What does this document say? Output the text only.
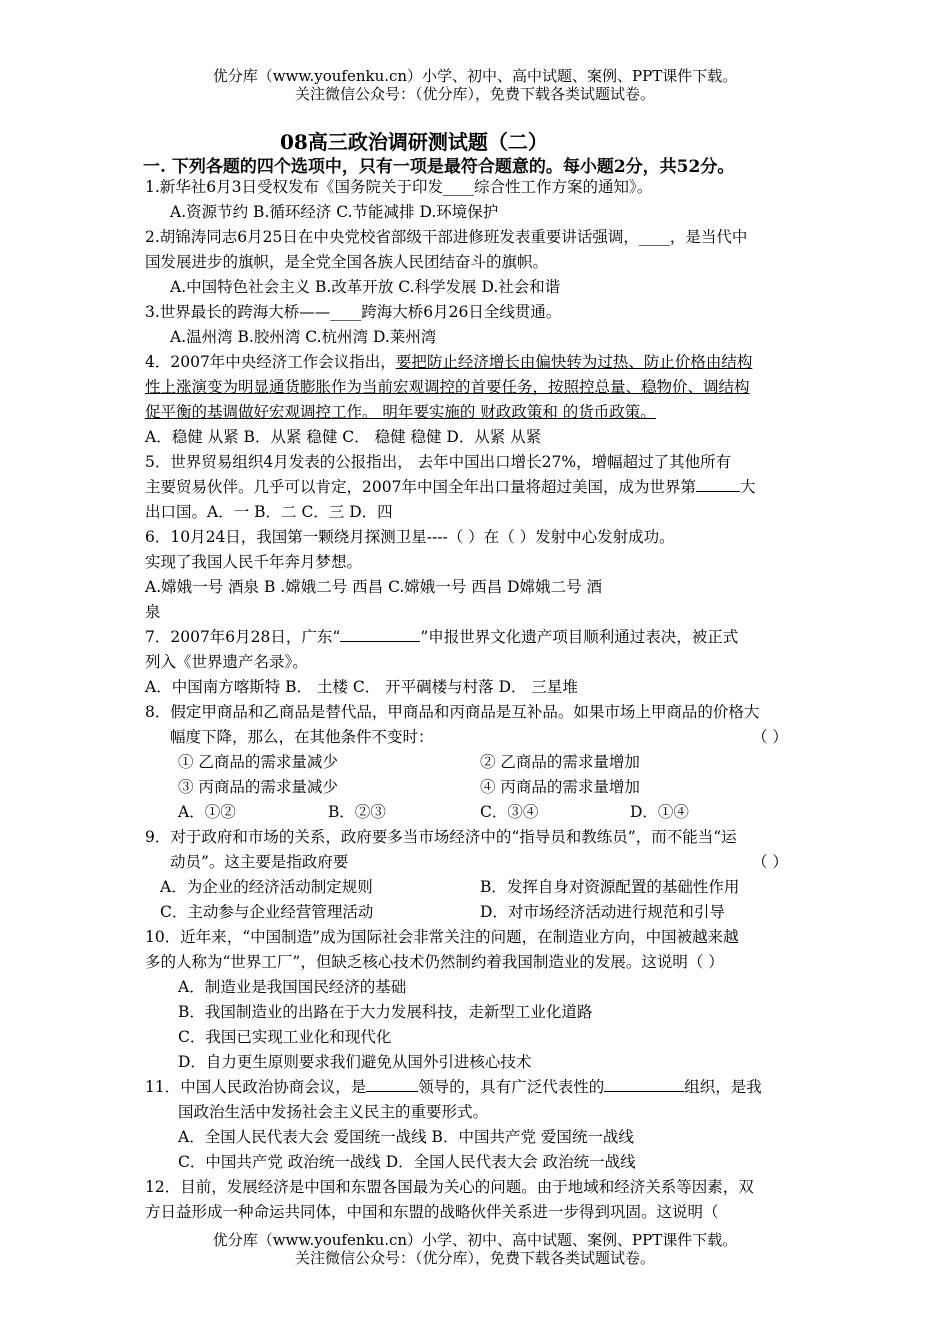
优分库（www.youfenku.cn）小学、初中、高中试题、案例、PPT课件下载。
关注微信公众号：（优分库），免费下载各类试题试卷。
08高三政治调研测试题（二）
一. 下列各题的四个选项中，只有一项是最符合题意的。每小题2分，共52分。
1.新华社6月3日受权发布《国务院关于印发____综合性工作方案的通知》。
A.资源节约 B.循环经济 C.节能减排 D.环境保护
2.胡锦涛同志6月25日在中央党校省部级干部进修班发表重要讲话强调，____，是当代中
国发展进步的旗帜，是全党全国各族人民团结奋斗的旗帜。
A.中国特色社会主义 B.改革开放 C.科学发展 D.社会和谐
3.世界最长的跨海大桥——____跨海大桥6月26日全线贯通。
A.温州湾 B.胶州湾 C.杭州湾 D.莱州湾
4．2007年中央经济工作会议指出，要把防止经济增长由偏快转为过热、防止价格由结构
性上涨演变为明显通货膨胀作为当前宏观调控的首要任务，按照控总量、稳物价、调结构
促平衡的基调做好宏观调控工作。 明年要实施的 财政政策和 的货币政策。
A．稳健 从紧 B．从紧 稳健 C． 稳健 稳健 D．从紧 从紧
5．世界贸易组织4月发表的公报指出， 去年中国出口增长27%，增幅超过了其他所有
主要贸易伙伴。几乎可以肯定，2007年中国全年出口量将超过美国，成为世界第	大
出口国。A．一 B．二 C．三 D．四
6．10月24日，我国第一颗绕月探测卫星----（ ）在（ ）发射中心发射成功。
实现了我国人民千年奔月梦想。
A.嫦娥一号 酒泉 B .嫦娥二号 西昌 C.嫦娥一号 西昌 D嫦娥二号 酒
泉
7．2007年6月28日，广东“	”申报世界文化遗产项目顺利通过表决，被正式
列入《世界遗产名录》。
A．中国南方喀斯特 B． 土楼 C． 开平碉楼与村落 D． 三星堆
8．假定甲商品和乙商品是替代品，甲商品和丙商品是互补品。如果市场上甲商品的价格大
幅度下降，那么，在其他条件不变时：	（ ）
① 乙商品的需求量减少	② 乙商品的需求量增加
③ 丙商品的需求量减少	④ 丙商品的需求量增加
A．①②	B．②③	C．③④	D．①④
9．对于政府和市场的关系，政府要多当市场经济中的“指导员和教练员”，而不能当“运
动员”。这主要是指政府要	（ ）
A．为企业的经济活动制定规则	B．发挥自身对资源配置的基础性作用
C．主动参与企业经营管理活动	D．对市场经济活动进行规范和引导
10．近年来，“中国制造”成为国际社会非常关注的问题，在制造业方向，中国被越来越
多的人称为“世界工厂”，但缺乏核心技术仍然制约着我国制造业的发展。这说明（ ）
A．制造业是我国国民经济的基础
B．我国制造业的出路在于大力发展科技，走新型工业化道路
C．我国已实现工业化和现代化
D．自力更生原则要求我们避免从国外引进核心技术
11．中国人民政治协商会议，是	领导的，具有广泛代表性的	组织，是我
国政治生活中发扬社会主义民主的重要形式。
A．全国人民代表大会 爱国统一战线 B．中国共产党 爱国统一战线
C．中国共产党 政治统一战线 D．全国人民代表大会 政治统一战线
12．目前，发展经济是中国和东盟各国最为关心的问题。由于地域和经济关系等因素，双
方日益形成一种命运共同体，中国和东盟的战略伙伴关系进一步得到巩固。这说明（
优分库（www.youfenku.cn）小学、初中、高中试题、案例、PPT课件下载。
关注微信公众号：（优分库），免费下载各类试题试卷。
